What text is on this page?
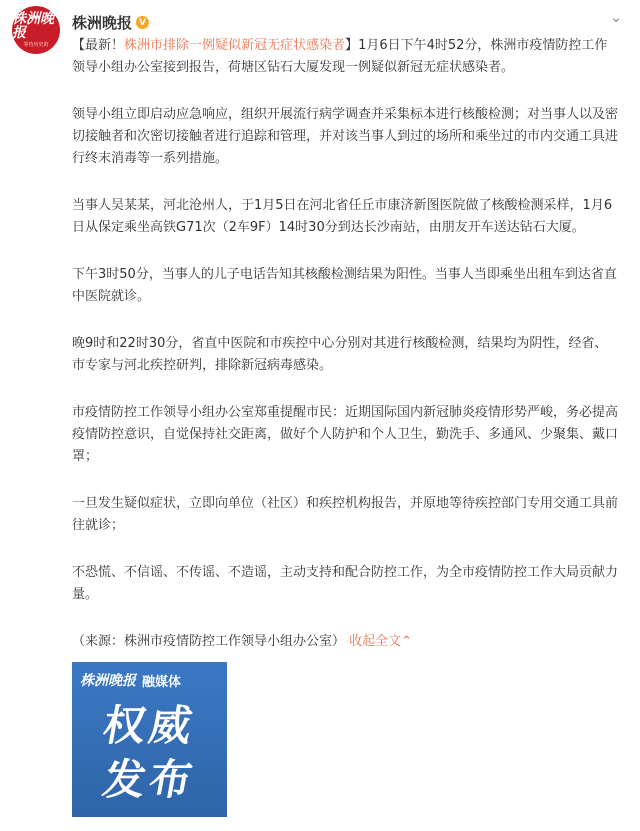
株洲晚报
等待历史的
株洲晚报 V	⌄

【最新！株洲市排除一例疑似新冠无症状感染者】1月6日下午4时52分，株洲市疫情防控工作领导小组办公室接到报告，荷塘区钻石大厦发现一例疑似新冠无症状感染者。

领导小组立即启动应急响应，组织开展流行病学调查并采集标本进行核酸检测；对当事人以及密切接触者和次密切接触者进行追踪和管理，并对该当事人到过的场所和乘坐过的市内交通工具进行终末消毒等一系列措施。

当事人吴某某，河北沧州人，于1月5日在河北省任丘市康济新图医院做了核酸检测采样，1月6日从保定乘坐高铁G71次（2车9F）14时30分到达长沙南站，由朋友开车送达钻石大厦。

下午3时50分，当事人的儿子电话告知其核酸检测结果为阳性。当事人当即乘坐出租车到达省直中医院就诊。

晚9时和22时30分，省直中医院和市疾控中心分别对其进行核酸检测，结果均为阴性，经省、市专家与河北疾控研判，排除新冠病毒感染。

市疫情防控工作领导小组办公室郑重提醒市民：近期国际国内新冠肺炎疫情形势严峻，务必提高疫情防控意识，自觉保持社交距离，做好个人防护和个人卫生，勤洗手、多通风、少聚集、戴口罩；

一旦发生疑似症状，立即向单位（社区）和疾控机构报告，并原地等待疾控部门专用交通工具前往就诊；

不恐慌、不信谣、不传谣、不造谣，主动支持和配合防控工作，为全市疫情防控工作大局贡献力量。

（来源：株洲市疫情防控工作领导小组办公室） 收起全文⌃

株洲晚报 融媒体
权威
发布
